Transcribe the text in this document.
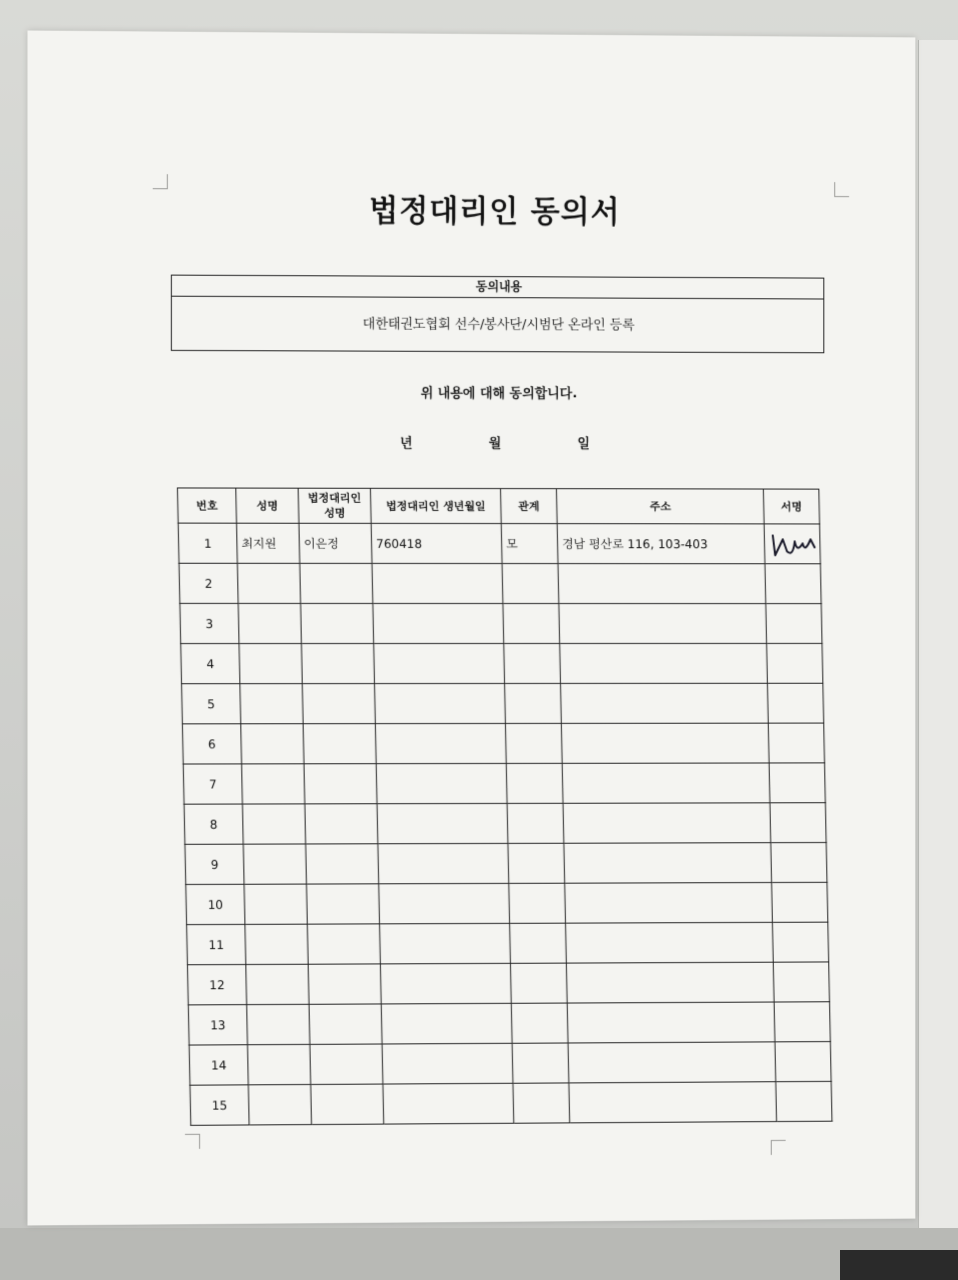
법정대리인 동의서
동의내용
대한태권도협회 선수/봉사단/시범단 온라인 등록
위 내용에 대해 동의합니다.
년	월	일
번호	성명	법정대리인 성명	법정대리인 생년월일	관계	주소	서명
1	최지원	이은정	760418	모	경남 평산로 116, 103-403	

2						
3						
4						
5						
6						
7						
8						
9						
10						
11						
12						
13						
14						
15						
